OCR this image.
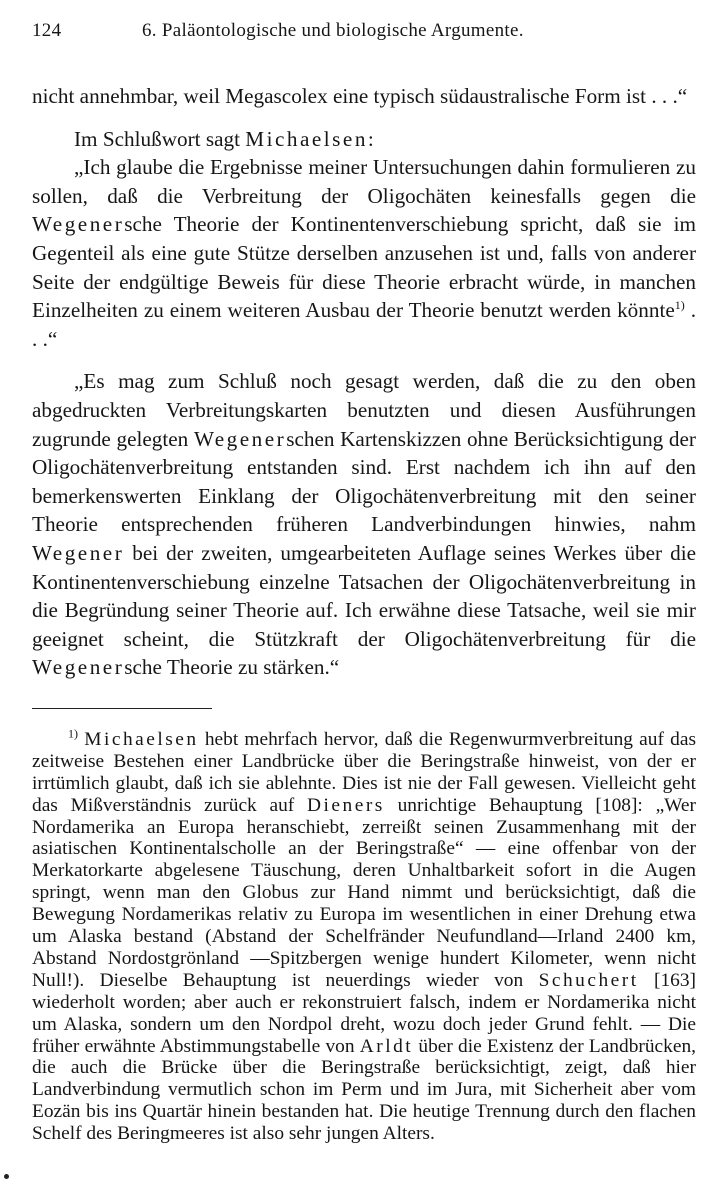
124	6. Paläontologische und biologische Argumente.

nicht annehmbar, weil Megascolex eine typisch südaustralische Form ist . . .“

Im Schlußwort sagt Michaelsen:

„Ich glaube die Ergebnisse meiner Untersuchungen dahin formulieren zu sollen, daß die Verbreitung der Oligochäten keinesfalls gegen die Wegenersche Theorie der Kontinentenverschiebung spricht, daß sie im Gegenteil als eine gute Stütze derselben anzusehen ist und, falls von anderer Seite der endgültige Beweis für diese Theorie erbracht würde, in manchen Einzelheiten zu einem weiteren Ausbau der Theorie benutzt werden könnte$^{1)}$ . . .“

„Es mag zum Schluß noch gesagt werden, daß die zu den oben abgedruckten Verbreitungskarten benutzten und diesen Ausführungen zugrunde gelegten Wegenerschen Kartenskizzen ohne Berücksichtigung der Oligochätenverbreitung entstanden sind. Erst nachdem ich ihn auf den bemerkenswerten Einklang der Oligochätenverbreitung mit den seiner Theorie entsprechenden früheren Landverbindungen hinwies, nahm Wegener bei der zweiten, umgearbeiteten Auflage seines Werkes über die Kontinentenverschiebung einzelne Tatsachen der Oligochätenverbreitung in die Begründung seiner Theorie auf. Ich erwähne diese Tatsache, weil sie mir geeignet scheint, die Stützkraft der Oligochätenverbreitung für die Wegenersche Theorie zu stärken.“

$^{1)}$ Michaelsen hebt mehrfach hervor, daß die Regenwurmverbreitung auf das zeitweise Bestehen einer Landbrücke über die Beringstraße hinweist, von der er irrtümlich glaubt, daß ich sie ablehnte. Dies ist nie der Fall gewesen. Vielleicht geht das Mißverständnis zurück auf Dieners unrichtige Behauptung [108]: „Wer Nordamerika an Europa heranschiebt, zerreißt seinen Zusammenhang mit der asiatischen Kontinentalscholle an der Beringstraße“ — eine offenbar von der Merkatorkarte abgelesene Täuschung, deren Unhaltbarkeit sofort in die Augen springt, wenn man den Globus zur Hand nimmt und berücksichtigt, daß die Bewegung Nordamerikas relativ zu Europa im wesentlichen in einer Drehung etwa um Alaska bestand (Abstand der Schelfränder Neufundland—Irland 2400 km, Abstand Nordostgrönland —Spitzbergen wenige hundert Kilometer, wenn nicht Null!). Dieselbe Behauptung ist neuerdings wieder von Schuchert [163] wiederholt worden; aber auch er rekonstruiert falsch, indem er Nordamerika nicht um Alaska, sondern um den Nordpol dreht, wozu doch jeder Grund fehlt. — Die früher erwähnte Abstimmungstabelle von Arldt über die Existenz der Landbrücken, die auch die Brücke über die Beringstraße berücksichtigt, zeigt, daß hier Landverbindung vermutlich schon im Perm und im Jura, mit Sicherheit aber vom Eozän bis ins Quartär hinein bestanden hat. Die heutige Trennung durch den flachen Schelf des Beringmeeres ist also sehr jungen Alters.
